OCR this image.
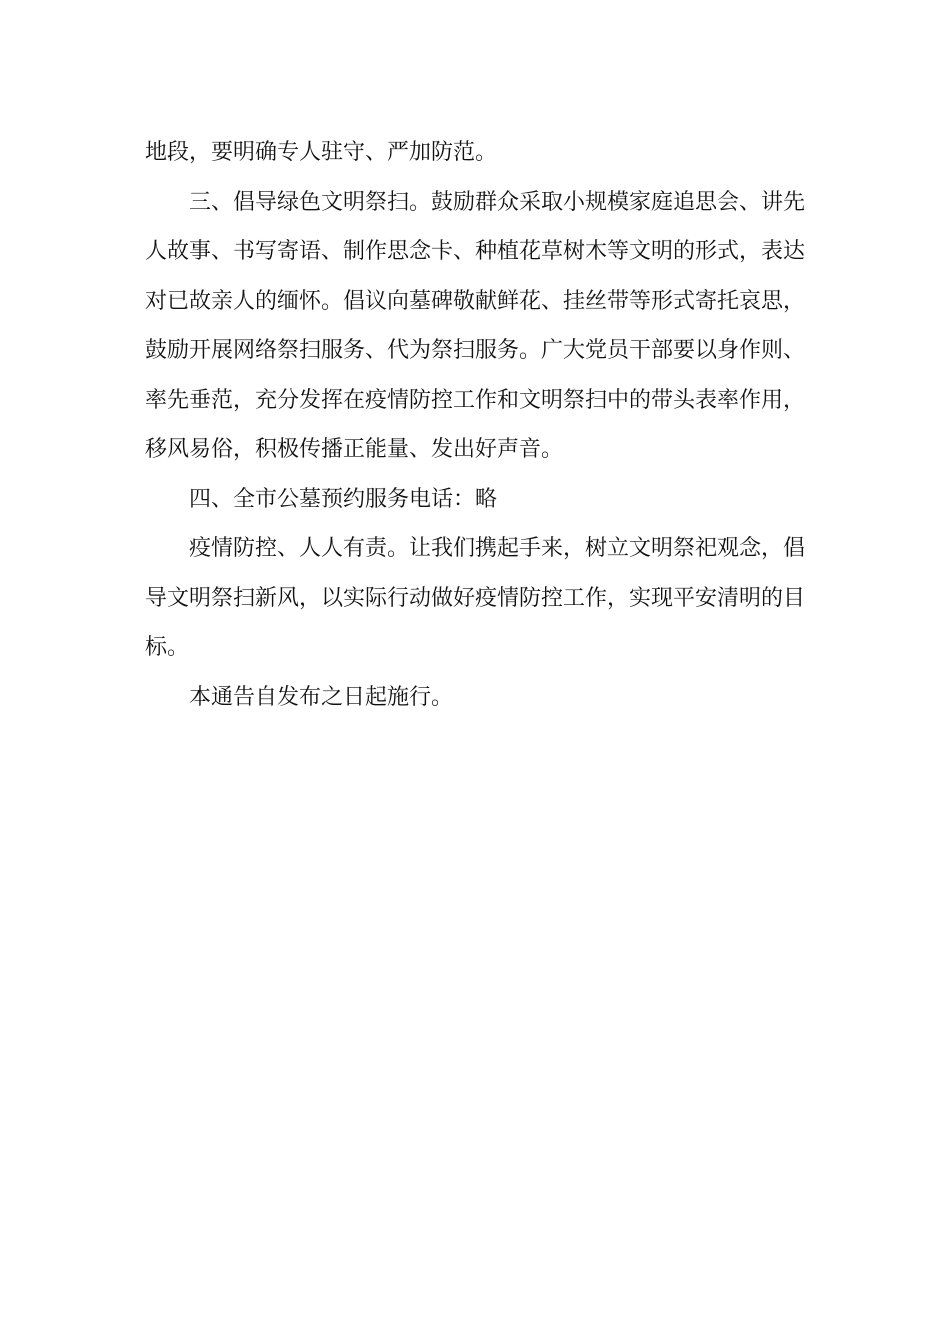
地段，要明确专人驻守、严加防范。

三、倡导绿色文明祭扫。鼓励群众采取小规模家庭追思会、讲先人故事、书写寄语、制作思念卡、种植花草树木等文明的形式，表达对已故亲人的缅怀。倡议向墓碑敬献鲜花、挂丝带等形式寄托哀思，鼓励开展网络祭扫服务、代为祭扫服务。广大党员干部要以身作则、率先垂范，充分发挥在疫情防控工作和文明祭扫中的带头表率作用，移风易俗，积极传播正能量、发出好声音。

四、全市公墓预约服务电话：略

疫情防控、人人有责。让我们携起手来，树立文明祭祀观念，倡导文明祭扫新风，以实际行动做好疫情防控工作，实现平安清明的目标。

本通告自发布之日起施行。
